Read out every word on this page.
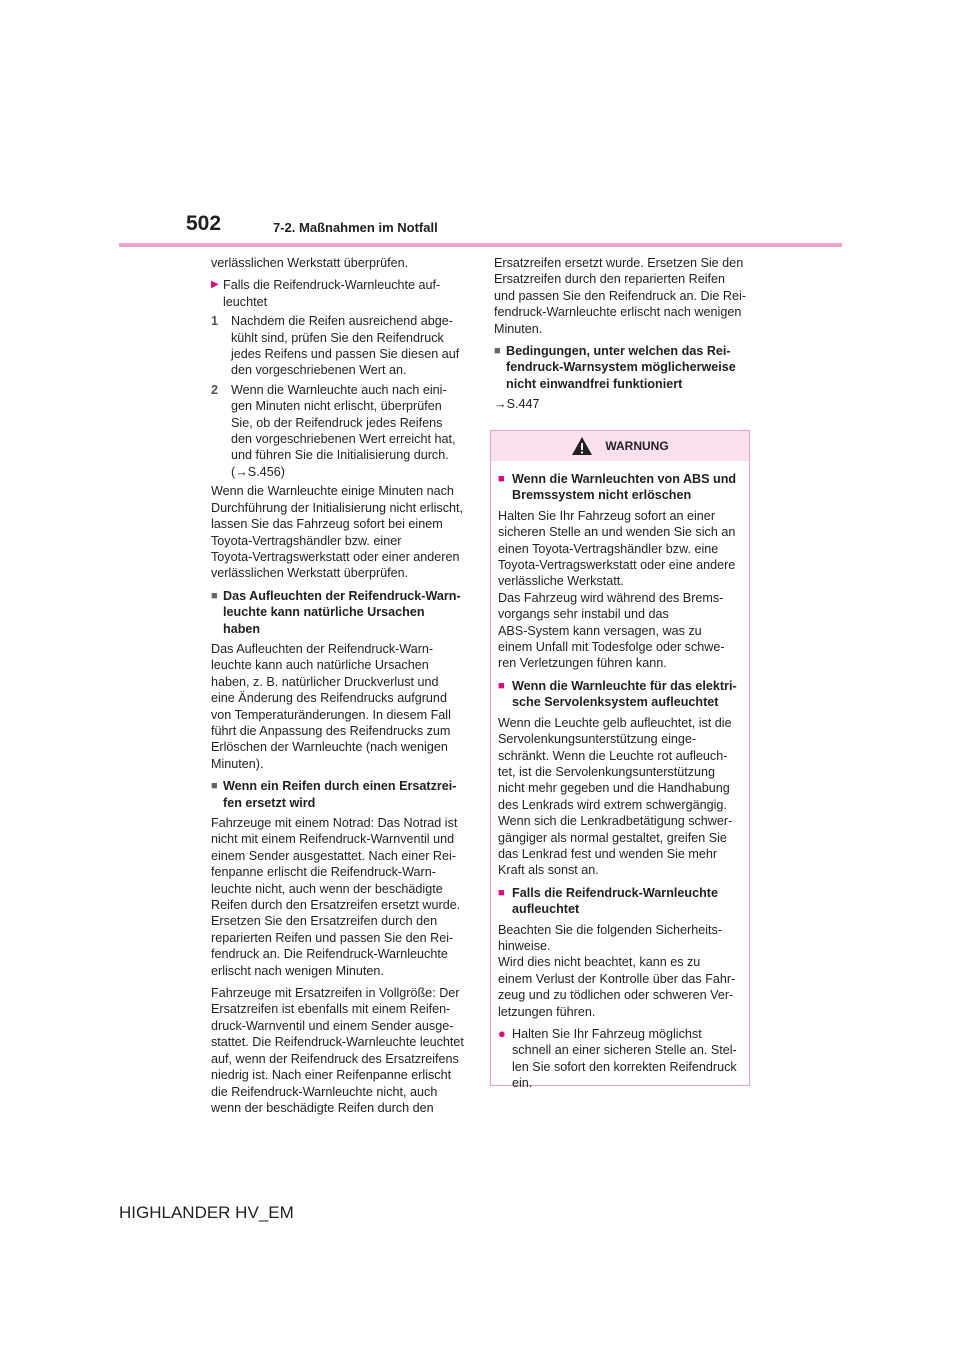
502	7-2. Maßnahmen im Notfall

verlässlichen Werkstatt überprüfen.

▶ Falls die Reifendruck-Warnleuchte auf-
leuchtet
1	Nachdem die Reifen ausreichend abge-
kühlt sind, prüfen Sie den Reifendruck
jedes Reifens und passen Sie diesen auf
den vorgeschriebenen Wert an.
2	Wenn die Warnleuchte auch nach eini-
gen Minuten nicht erlischt, überprüfen
Sie, ob der Reifendruck jedes Reifens
den vorgeschriebenen Wert erreicht hat,
und führen Sie die Initialisierung durch.
(→S.456)

Wenn die Warnleuchte einige Minuten nach
Durchführung der Initialisierung nicht erlischt,
lassen Sie das Fahrzeug sofort bei einem
Toyota-Vertragshändler bzw. einer
Toyota-Vertragswerkstatt oder einer anderen
verlässlichen Werkstatt überprüfen.

■ Das Aufleuchten der Reifendruck-Warn-
leuchte kann natürliche Ursachen
haben

Das Aufleuchten der Reifendruck-Warn-
leuchte kann auch natürliche Ursachen
haben, z. B. natürlicher Druckverlust und
eine Änderung des Reifendrucks aufgrund
von Temperaturänderungen. In diesem Fall
führt die Anpassung des Reifendrucks zum
Erlöschen der Warnleuchte (nach wenigen
Minuten).

■ Wenn ein Reifen durch einen Ersatzrei-
fen ersetzt wird

Fahrzeuge mit einem Notrad: Das Notrad ist
nicht mit einem Reifendruck-Warnventil und
einem Sender ausgestattet. Nach einer Rei-
fenpanne erlischt die Reifendruck-Warn-
leuchte nicht, auch wenn der beschädigte
Reifen durch den Ersatzreifen ersetzt wurde.
Ersetzen Sie den Ersatzreifen durch den
reparierten Reifen und passen Sie den Rei-
fendruck an. Die Reifendruck-Warnleuchte
erlischt nach wenigen Minuten.

Fahrzeuge mit Ersatzreifen in Vollgröße: Der
Ersatzreifen ist ebenfalls mit einem Reifen-
druck-Warnventil und einem Sender ausge-
stattet. Die Reifendruck-Warnleuchte leuchtet
auf, wenn der Reifendruck des Ersatzreifens
niedrig ist. Nach einer Reifenpanne erlischt
die Reifendruck-Warnleuchte nicht, auch
wenn der beschädigte Reifen durch den

Ersatzreifen ersetzt wurde. Ersetzen Sie den
Ersatzreifen durch den reparierten Reifen
und passen Sie den Reifendruck an. Die Rei-
fendruck-Warnleuchte erlischt nach wenigen
Minuten.

■ Bedingungen, unter welchen das Rei-
fendruck-Warnsystem möglicherweise
nicht einwandfrei funktioniert

→S.447

WARNUNG
■ Wenn die Warnleuchten von ABS und
Bremssystem nicht erlöschen

Halten Sie Ihr Fahrzeug sofort an einer
sicheren Stelle an und wenden Sie sich an
einen Toyota-Vertragshändler bzw. eine
Toyota-Vertragswerkstatt oder eine andere
verlässliche Werkstatt.
Das Fahrzeug wird während des Brems-
vorgangs sehr instabil und das
ABS-System kann versagen, was zu
einem Unfall mit Todesfolge oder schwe-
ren Verletzungen führen kann.

■ Wenn die Warnleuchte für das elektri-
sche Servolenksystem aufleuchtet

Wenn die Leuchte gelb aufleuchtet, ist die
Servolenkungsunterstützung einge-
schränkt. Wenn die Leuchte rot aufleuch-
tet, ist die Servolenkungsunterstützung
nicht mehr gegeben und die Handhabung
des Lenkrads wird extrem schwergängig.
Wenn sich die Lenkradbetätigung schwer-
gängiger als normal gestaltet, greifen Sie
das Lenkrad fest und wenden Sie mehr
Kraft als sonst an.

■ Falls die Reifendruck-Warnleuchte
aufleuchtet

Beachten Sie die folgenden Sicherheits-
hinweise.
Wird dies nicht beachtet, kann es zu
einem Verlust der Kontrolle über das Fahr-
zeug und zu tödlichen oder schweren Ver-
letzungen führen.

● Halten Sie Ihr Fahrzeug möglichst
schnell an einer sicheren Stelle an. Stel-
len Sie sofort den korrekten Reifendruck
ein.
HIGHLANDER HV_EM
